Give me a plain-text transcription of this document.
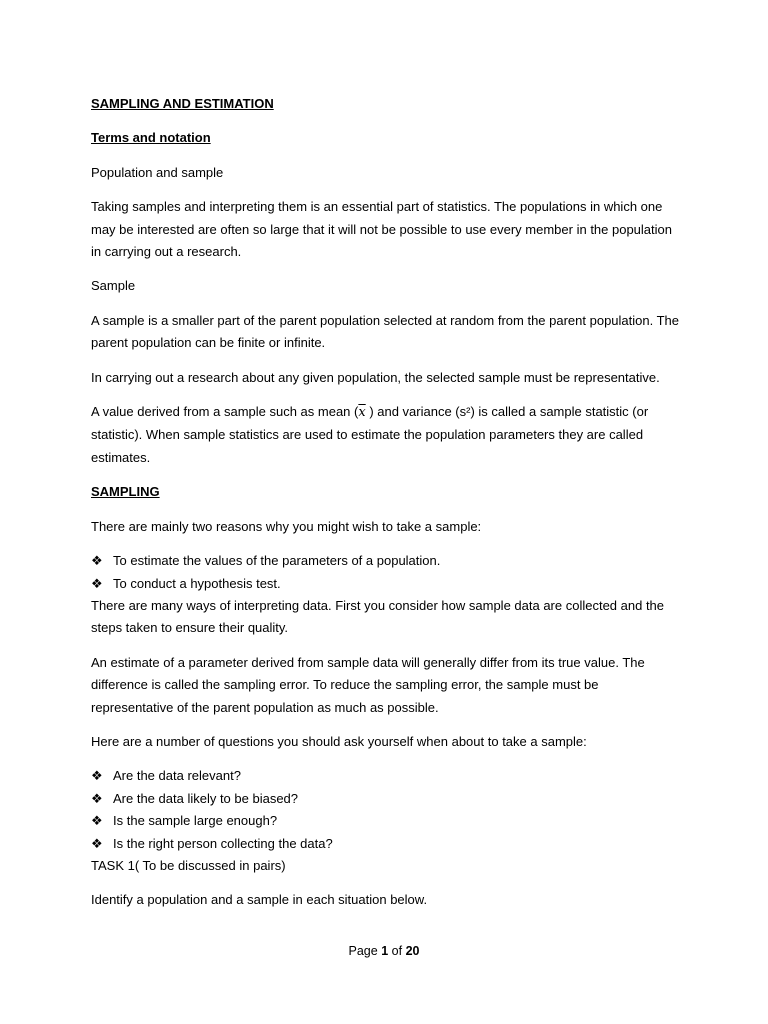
SAMPLING AND ESTIMATION

Terms and notation

Population and sample

Taking samples and interpreting them is an essential part of statistics. The populations in which one may be interested are often so large that it will not be possible to use every member in the population in carrying out a research.

Sample

A sample is a smaller part of the parent population selected at random from the parent population. The parent population can be finite or infinite.

In carrying out a research about any given population, the selected sample must be representative.

A value derived from a sample such as mean ($\overline{x}$ ) and variance (s²) is called a sample statistic (or statistic). When sample statistics are used to estimate the population parameters they are called estimates.

SAMPLING

There are mainly two reasons why you might wish to take a sample:

❖ To estimate the values of the parameters of a population.
❖ To conduct a hypothesis test.

There are many ways of interpreting data. First you consider how sample data are collected and the steps taken to ensure their quality.

An estimate of a parameter derived from sample data will generally differ from its true value. The difference is called the sampling error. To reduce the sampling error, the sample must be representative of the parent population as much as possible.

Here are a number of questions you should ask yourself when about to take a sample:

❖ Are the data relevant?
❖ Are the data likely to be biased?
❖ Is the sample large enough?
❖ Is the right person collecting the data?

TASK 1( To be discussed in pairs)

Identify a population and a sample in each situation below.

Page 1 of 20
